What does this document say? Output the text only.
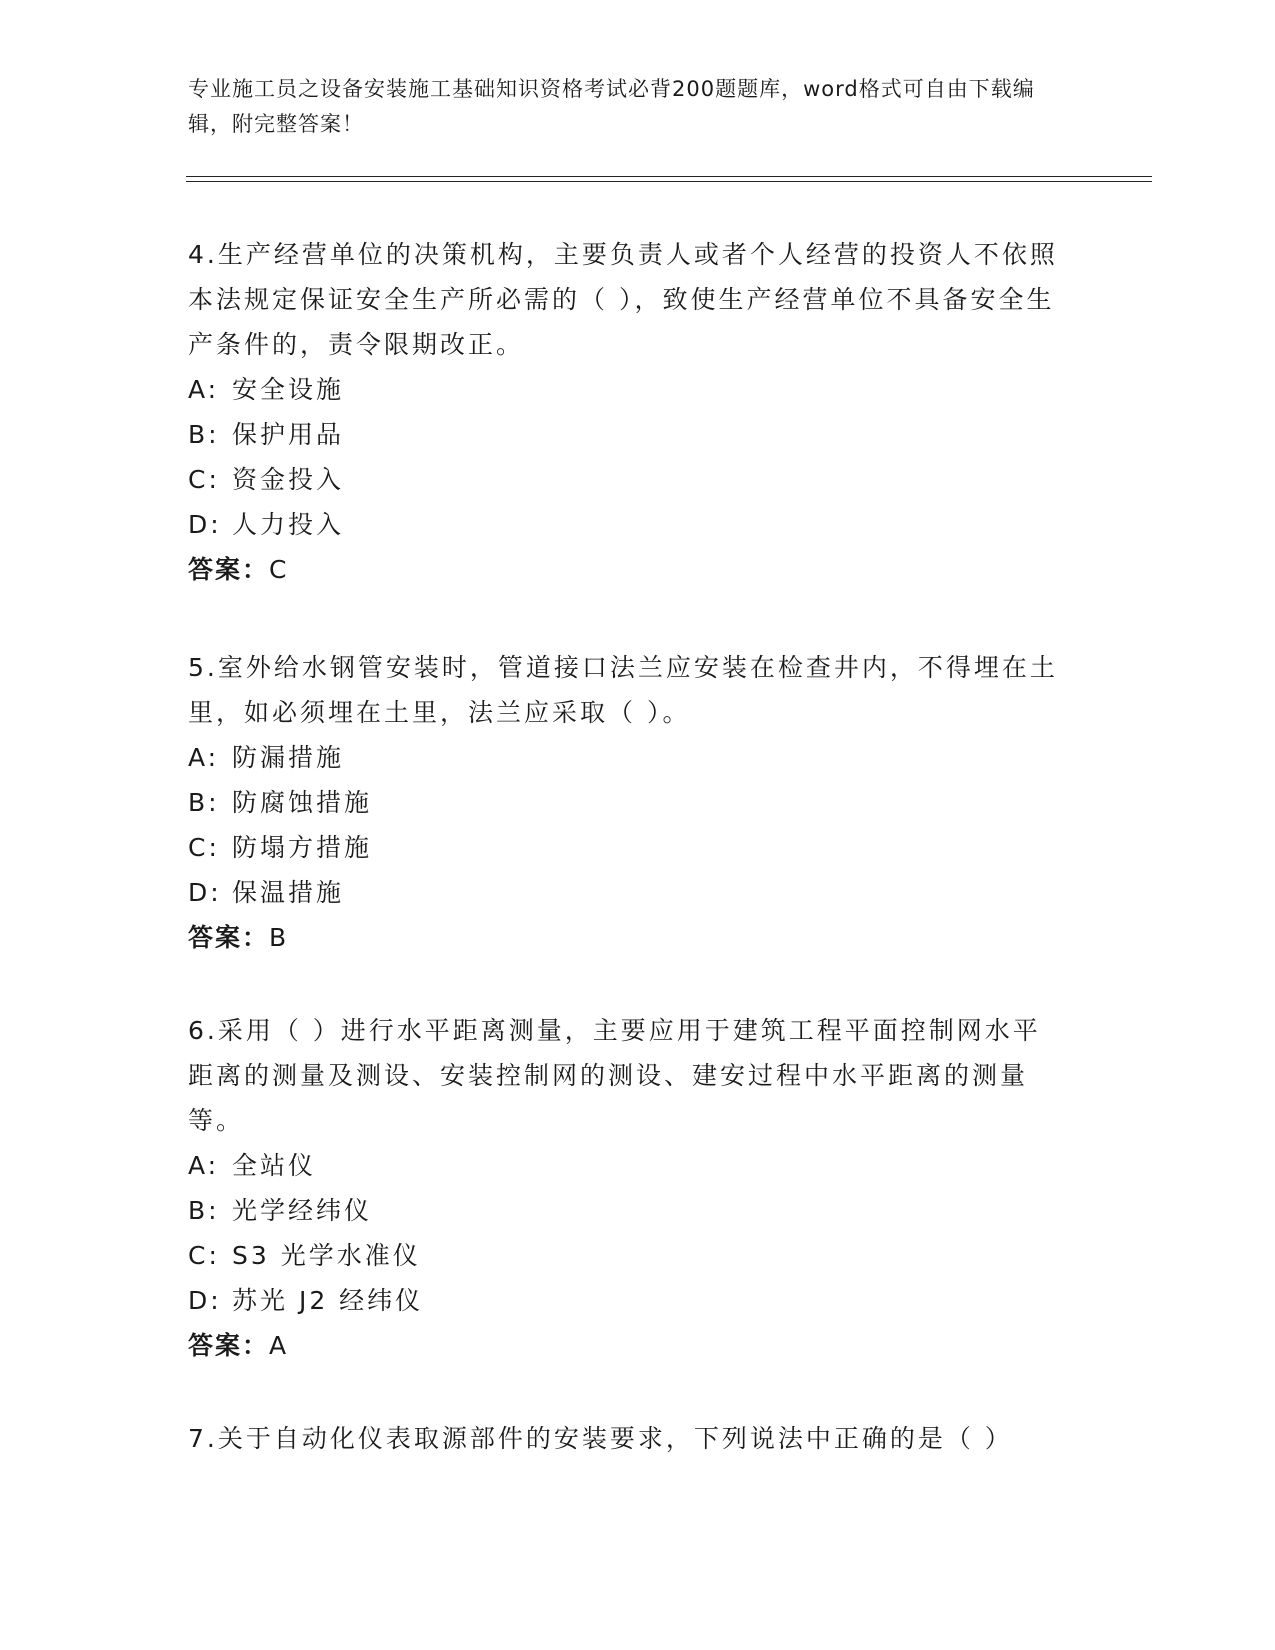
专业施工员之设备安装施工基础知识资格考试必背200题题库，word格式可自由下载编辑，附完整答案！

4.生产经营单位的决策机构，主要负责人或者个人经营的投资人不依照本法规定保证安全生产所必需的（ ），致使生产经营单位不具备安全生产条件的，责令限期改正。

A: 安全设施

B: 保护用品

C: 资金投入

D: 人力投入

答案：C

5.室外给水钢管安装时，管道接口法兰应安装在检查井内，不得埋在土里，如必须埋在土里，法兰应采取（ ）。

A: 防漏措施

B: 防腐蚀措施

C: 防塌方措施

D: 保温措施

答案：B

6.采用（ ）进行水平距离测量，主要应用于建筑工程平面控制网水平距离的测量及测设、安装控制网的测设、建安过程中水平距离的测量等。

A: 全站仪

B: 光学经纬仪

C: S3 光学水准仪

D: 苏光 J2 经纬仪

答案：A

7.关于自动化仪表取源部件的安装要求，下列说法中正确的是（ ）
